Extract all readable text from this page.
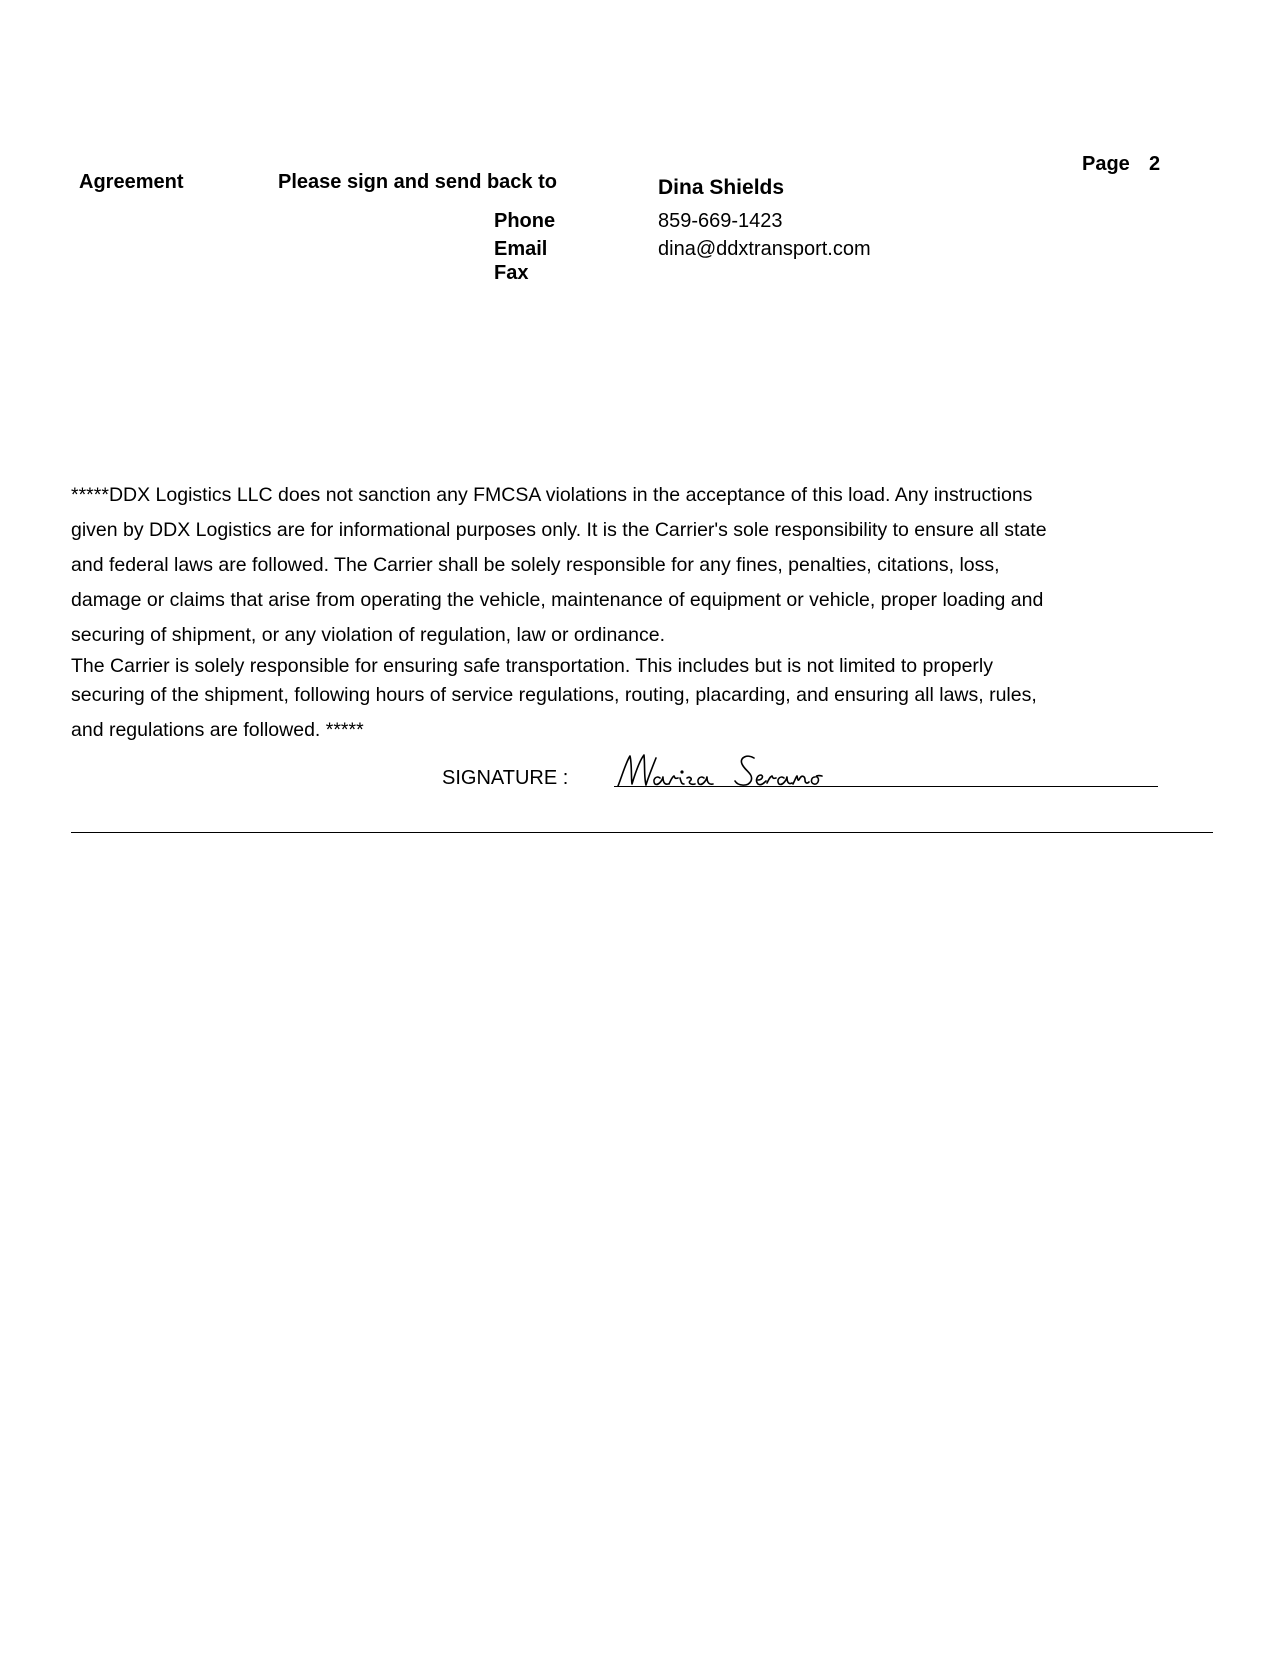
Page 2
Agreement	Please sign and send back to	Dina Shields
Phone	859-669-1423
Email	dina@ddxtransport.com
Fax
*****DDX Logistics LLC does not sanction any FMCSA violations in the acceptance of this load. Any instructions
given by DDX Logistics are for informational purposes only. It is the Carrier's sole responsibility to ensure all state
and federal laws are followed. The Carrier shall be solely responsible for any fines, penalties, citations, loss,
damage or claims that arise from operating the vehicle, maintenance of equipment or vehicle, proper loading and
securing of shipment, or any violation of regulation, law or ordinance.
The Carrier is solely responsible for ensuring safe transportation. This includes but is not limited to properly
securing of the shipment, following hours of service regulations, routing, placarding, and ensuring all laws, rules,
and regulations are followed. *****
SIGNATURE :
